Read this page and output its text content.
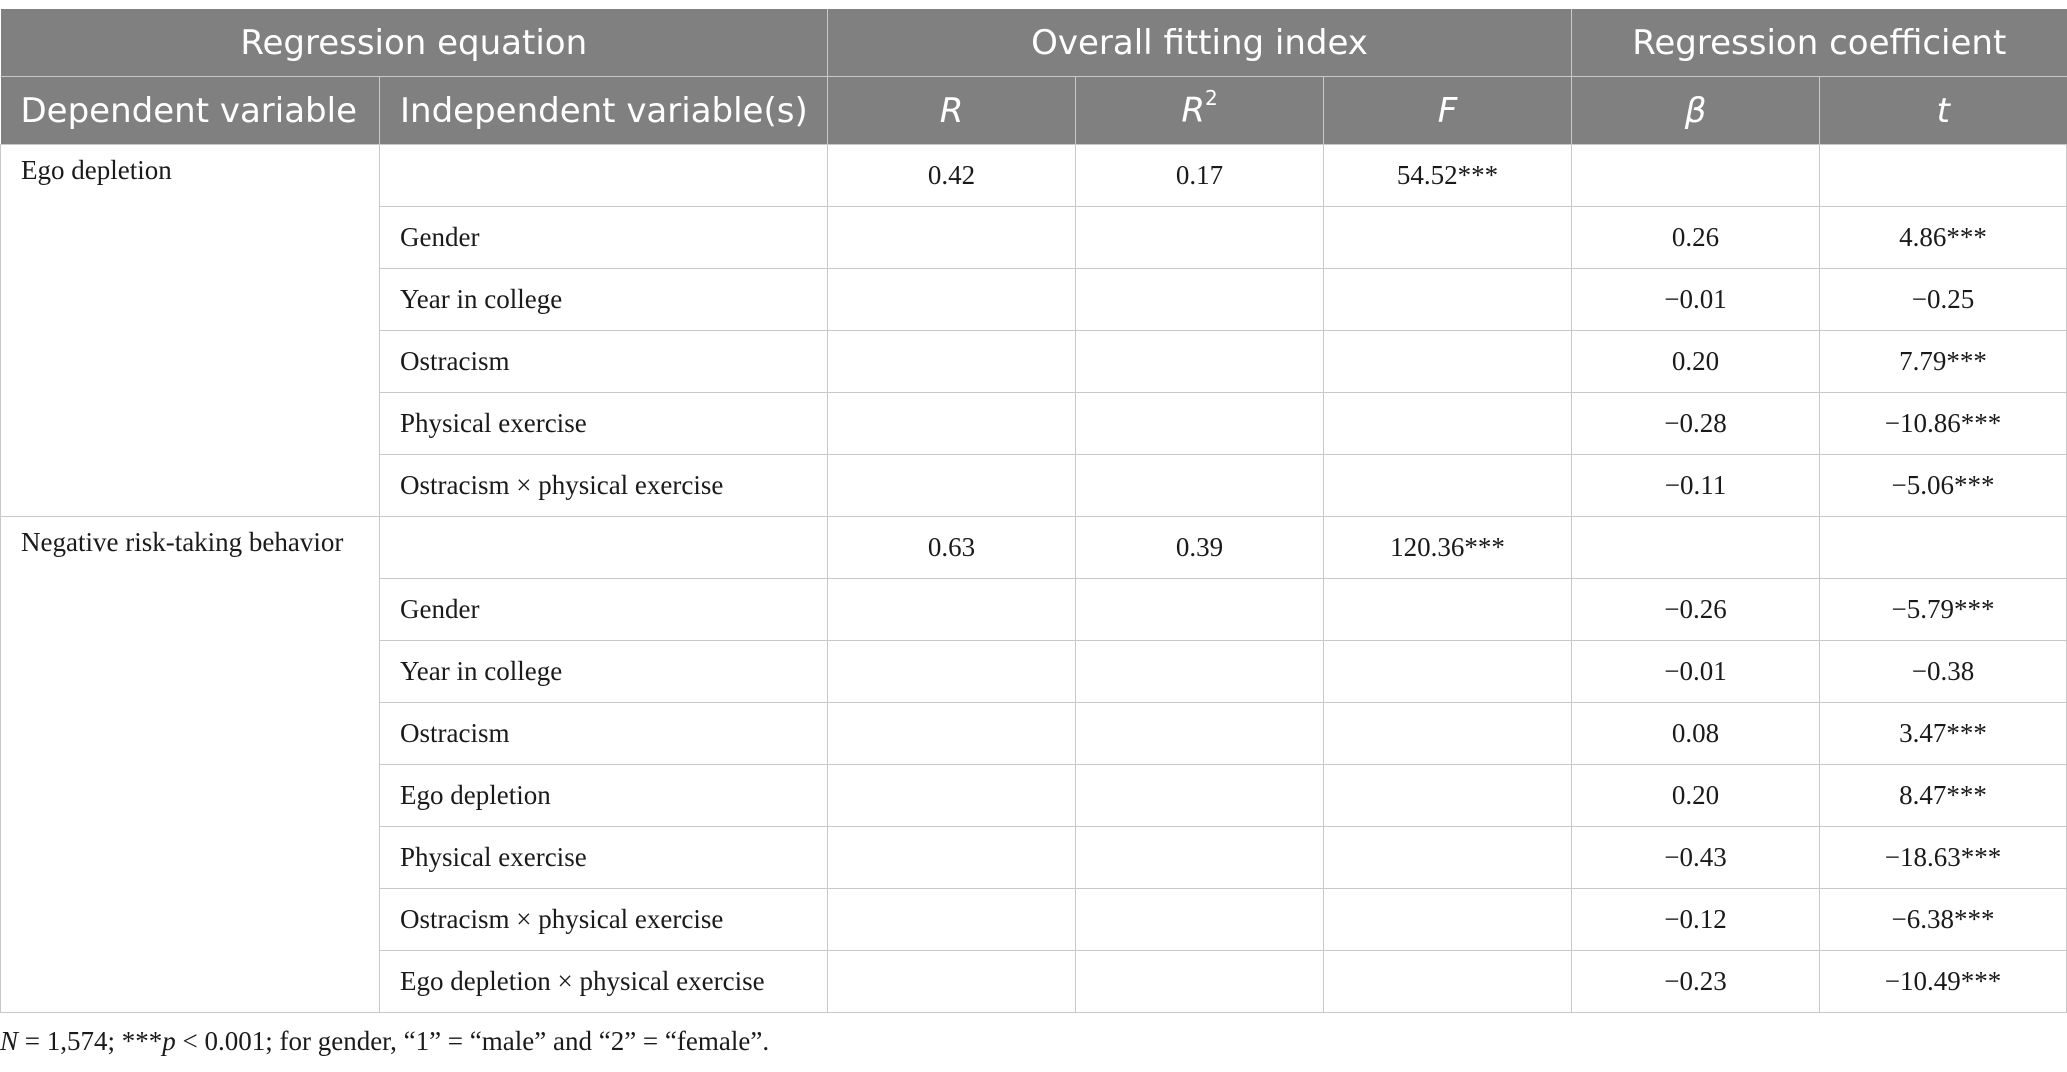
Regression equation		Overall fitting index			Regression coefficient	
Dependent variable	Independent variable(s)	R	$R^2$	F	β	t
Ego depletion		0.42	0.17	54.52***		
	Gender				0.26	4.86***
	Year in college				−0.01	−0.25
	Ostracism				0.20	7.79***
	Physical exercise				−0.28	−10.86***
	Ostracism × physical exercise				−0.11	−5.06***
Negative risk-taking behavior		0.63	0.39	120.36***		
	Gender				−0.26	−5.79***
	Year in college				−0.01	−0.38
	Ostracism				0.08	3.47***
	Ego depletion				0.20	8.47***
	Physical exercise				−0.43	−18.63***
	Ostracism × physical exercise				−0.12	−6.38***
	Ego depletion × physical exercise				−0.23	−10.49***
N = 1,574; ***p < 0.001; for gender, “1” = “male” and “2” = “female”.
